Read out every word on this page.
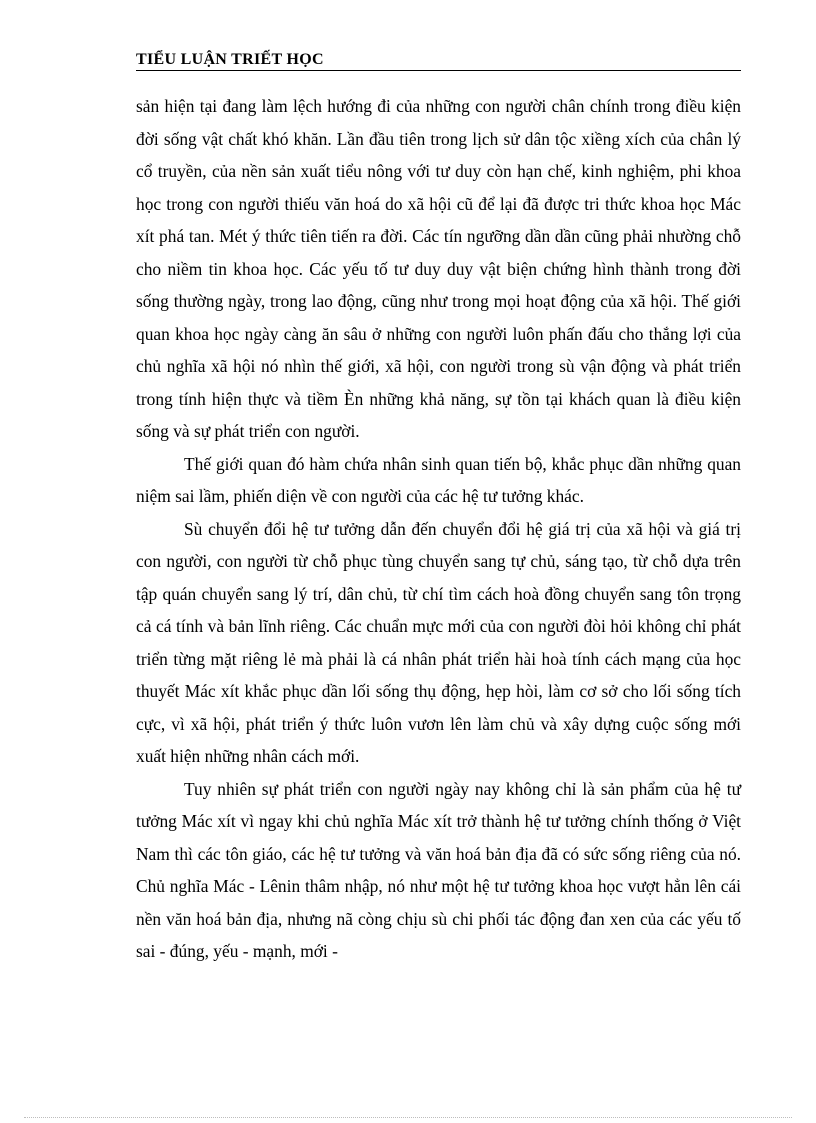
TIỂU LUẬN TRIẾT HỌC

sản hiện tại đang làm lệch hướng đi của những con người chân chính trong điều kiện đời sống vật chất khó khăn. Lần đầu tiên trong lịch sử dân tộc xiềng xích của chân lý cổ truyền, của nền sản xuất tiểu nông với tư duy còn hạn chế, kinh nghiệm, phi khoa học trong con người thiếu văn hoá do xã hội cũ để lại đã được tri thức khoa học Mác xít phá tan. Mét ý thức tiên tiến ra đời. Các tín ngưỡng dần dần cũng phải nhường chỗ cho niềm tin khoa học. Các yếu tố tư duy duy vật biện chứng hình thành trong đời sống thường ngày, trong lao động, cũng như trong mọi hoạt động của xã hội. Thế giới quan khoa học ngày càng ăn sâu ở những con người luôn phấn đấu cho thắng lợi của chủ nghĩa xã hội nó nhìn thế giới, xã hội, con người trong sù vận động và phát triển trong tính hiện thực và tiềm Èn những khả năng, sự tồn tại khách quan là điều kiện sống và sự phát triển con người.

Thế giới quan đó hàm chứa nhân sinh quan tiến bộ, khắc phục dần những quan niệm sai lầm, phiến diện về con người của các hệ tư tưởng khác.

Sù chuyển đổi hệ tư tưởng dẫn đến chuyển đổi hệ giá trị của xã hội và giá trị con người, con người từ chỗ phục tùng chuyển sang tự chủ, sáng tạo, từ chỗ dựa trên tập quán chuyển sang lý trí, dân chủ, từ chí tìm cách hoà đồng chuyển sang tôn trọng cả cá tính và bản lĩnh riêng. Các chuẩn mực mới của con người đòi hỏi không chỉ phát triển từng mặt riêng lẻ mà phải là cá nhân phát triển hài hoà tính cách mạng của học thuyết Mác xít khắc phục dần lối sống thụ động, hẹp hòi, làm cơ sở cho lối sống tích cực, vì xã hội, phát triển ý thức luôn vươn lên làm chủ và xây dựng cuộc sống mới xuất hiện những nhân cách mới.

Tuy nhiên sự phát triển con người ngày nay không chỉ là sản phẩm của hệ tư tưởng Mác xít vì ngay khi chủ nghĩa Mác xít trở thành hệ tư tưởng chính thống ở Việt Nam thì các tôn giáo, các hệ tư tưởng và văn hoá bản địa đã có sức sống riêng của nó. Chủ nghĩa Mác - Lênin thâm nhập, nó như một hệ tư tưởng khoa học vượt hẳn lên cái nền văn hoá bản địa, nhưng nã còng chịu sù chi phối tác động đan xen của các yếu tố sai - đúng, yếu - mạnh, mới -
